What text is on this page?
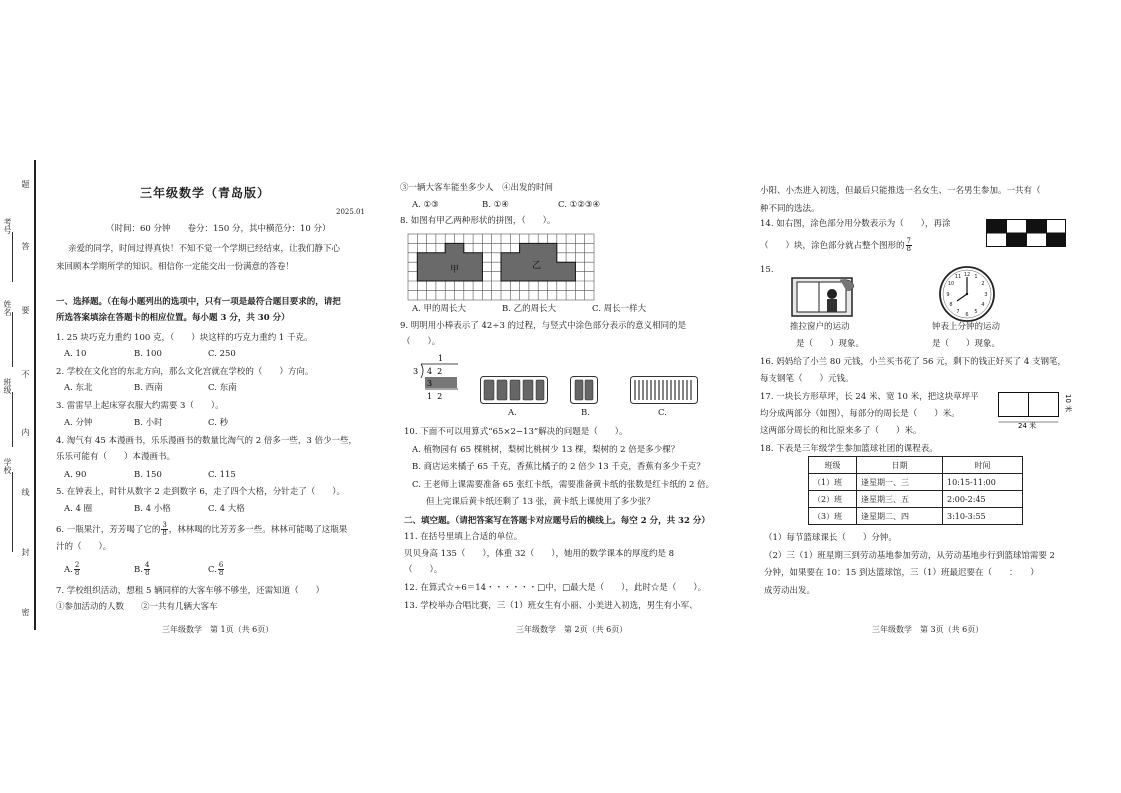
考号
姓名
班级
学校
题
答
要
不
内
线
封
密
三年级数学（青岛版）
2025.01
（时间：60 分钟　　卷分：150 分，其中横范分：10 分）
亲爱的同学，时间过得真快！不知不觉一个学期已经结束，让我们静下心
来回顾本学期所学的知识。相信你一定能交出一份满意的答卷！
一、选择题。（在每小题列出的选项中，只有一项是最符合题目要求的，请把
所选答案填涂在答题卡的相应位置。每小题 3 分，共 30 分）
1. 25 块巧克力重约 100 克，（　　）块这样的巧克力重约 1 千克。
A. 10	B. 100	C. 250
2. 学校在文化宫的东北方向，那么文化宫就在学校的（　　）方向。
A. 东北	B. 西南	C. 东南
3. 雷雷早上起床穿衣服大约需要 3（　　）。
A. 分钟	B. 小时	C. 秒
4. 淘气有 45 本漫画书，乐乐漫画书的数量比淘气的 2 倍多一些，3 倍少一些，
乐乐可能有（　　）本漫画书。
A. 90	B. 150	C. 115
5. 在钟表上，时针从数字 2 走到数字 6，走了四个大格，分针走了（　　）。
A. 4 圈	B. 4 小格	C. 4 大格
6. 一瓶果汁，芳芳喝了它的 $\frac{3}{8}$ ，林林喝的比芳芳多一些。林林可能喝了这瓶果
汁的（　　）。
A. $\frac{2}{8}$	B. $\frac{4}{8}$	C. $\frac{6}{8}$
7. 学校组织活动，想租 5 辆同样的大客车够不够坐，还需知道（　　）
①参加活动的人数　　②一共有几辆大客车
三年级数学　第 1页（共 6页）
③一辆大客车能坐多少人　④出发的时间
A. ①③	B. ①④	C. ①②③④
8. 如图有甲乙两种形状的拼图，（　　）。
甲	乙
A. 甲的周长大	B. 乙的周长大	C. 周长一样大
9. 明明用小棒表示了 42÷3 的过程，与竖式中涂色部分表示的意义相同的是
（　　）。
1
3 4  2
3
1  2
A.	B.	C.
10. 下面不可以用算式“65×2−13”解决的问题是（　　）。
A. 植物园有 65 棵桃树，梨树比桃树少 13 棵，梨树的 2 倍是多少棵？
B. 商店运来橘子 65 千克，香蕉比橘子的 2 倍少 13 千克，香蕉有多少千克？
C. 王老师上课需要准备 65 张红卡纸，需要准备黄卡纸的张数是红卡纸的 2 倍。
但上完课后黄卡纸还剩了 13 张，黄卡纸上课使用了多少张？
二、填空题。（请把答案写在答题卡对应题号后的横线上。每空 2 分，共 32 分）
11. 在括号里填上合适的单位。
贝贝身高 135（　　），体重 32（　　），她用的数学课本的厚度约是 8
（　　）。
12. 在算式☆÷6＝14・・・・・・□中，□最大是（　　），此时☆是（　　）。
13. 学校举办合唱比赛，三（1）班女生有小丽、小美进入初选，男生有小军、
三年级数学　第 2页（共 6页）
小阳、小杰进入初选，但最后只能推选一名女生、一名男生参加。一共有（
种不同的选法。
14. 如右图，涂色部分用分数表示为（　　），再涂
（　　）块，涂色部分就占整个图形的 $\frac{7}{8}$
15.	12 1
2
3
4
5
6
7
8
9
10
11
推拉窗户的运动	钟表上分钟的运动
是（　　）现象。	是（　　）现象。
16. 妈妈给了小兰 80 元钱，小兰买书花了 56 元，剩下的钱正好买了 4 支钢笔，
每支钢笔（　　）元钱。
17. 一块长方形草坪，长 24 米、宽 10 米，把这块草坪平
均分成两部分（如图），每部分的周长是（　　）米。
这两部分周长的和比原来多了（　　）米。	24 米
10 米
18. 下表是三年级学生参加篮球社团的课程表。
班级	日期	时间
（1）班	逢星期一、三	10:15-11:00
（2）班	逢星期三、五	2:00-2:45
（3）班	逢星期二、四	3:10-3:55
（1）每节篮球课长（　　）分钟。
（2）三（1）班星期三到劳动基地参加劳动，从劳动基地步行到篮球馆需要 2
分钟，如果要在 10：15 到达篮球馆，三（1）班最迟要在（　　：　　）
成劳动出发。
三年级数学　第 3页（共 6页）
